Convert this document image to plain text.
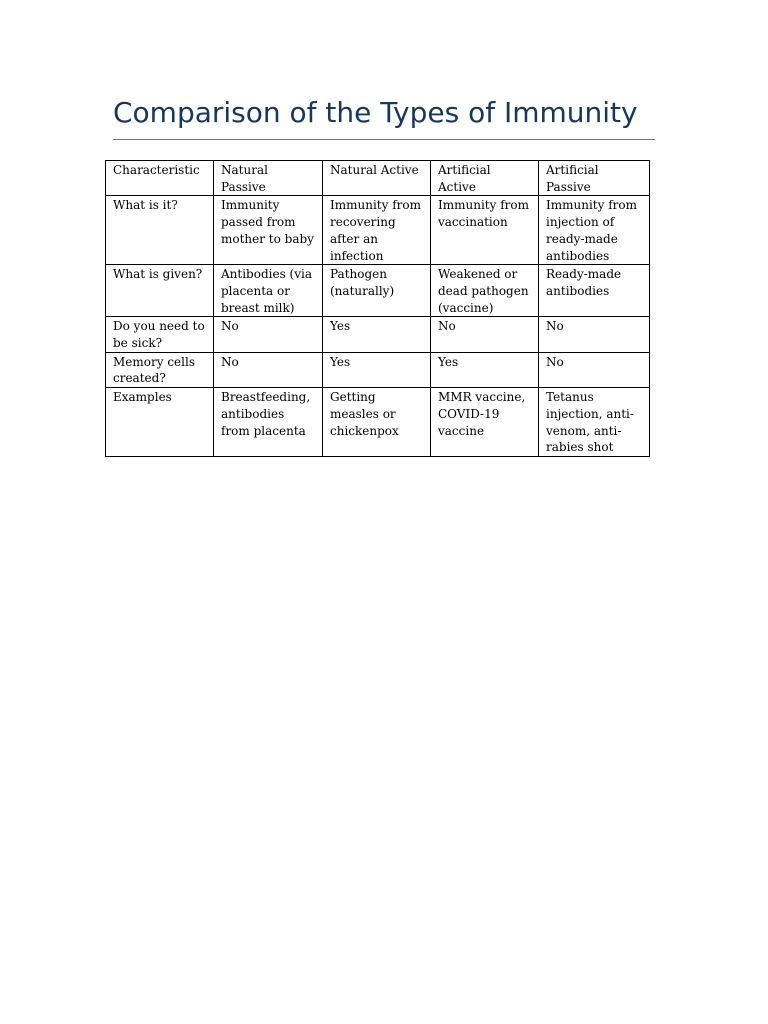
Comparison of the Types of Immunity
Characteristic	Natural Passive	Natural Active	Artificial Active	Artificial Passive
What is it?	Immunity passed from mother to baby	Immunity from recovering after an infection	Immunity from vaccination	Immunity from injection of ready-made antibodies
What is given?	Antibodies (via placenta or breast milk)	Pathogen (naturally)	Weakened or dead pathogen (vaccine)	Ready-made antibodies
Do you need to be sick?	No	Yes	No	No
Memory cells created?	No	Yes	Yes	No
Examples	Breastfeeding, antibodies from placenta	Getting measles or chickenpox	MMR vaccine, COVID-19 vaccine	Tetanus injection, anti-venom, anti-rabies shot
